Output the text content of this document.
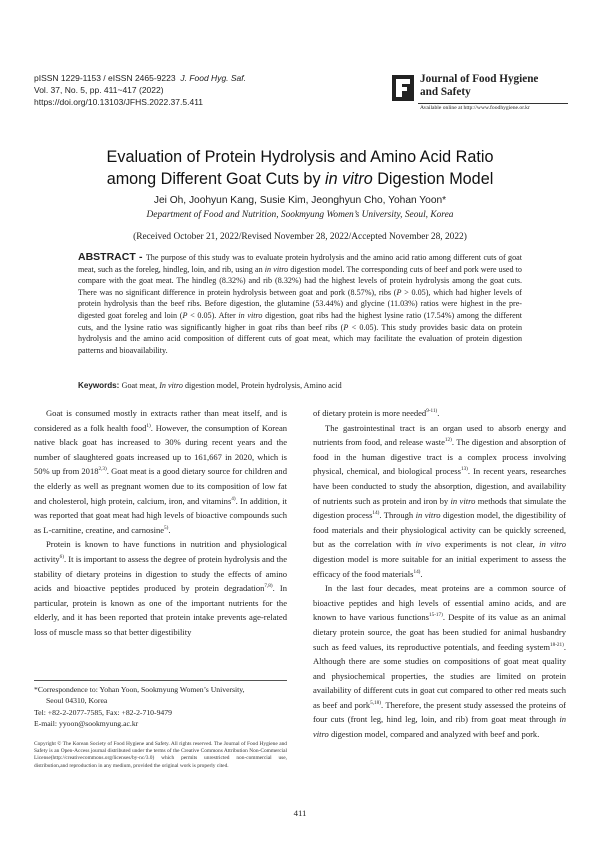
pISSN 1229-1153 / eISSN 2465-9223 J. Food Hyg. Saf.
Vol. 37, No. 5, pp. 411~417 (2022)
https://doi.org/10.13103/JFHS.2022.37.5.411
Journal of Food Hygiene
and Safety
Available online at http://www.foodhygiene.or.kr
Evaluation of Protein Hydrolysis and Amino Acid Ratio
among Different Goat Cuts by in vitro Digestion Model
Jei Oh, Joohyun Kang, Susie Kim, Jeonghyun Cho, Yohan Yoon*
Department of Food and Nutrition, Sookmyung Women’s University, Seoul, Korea
(Received October 21, 2022/Revised November 28, 2022/Accepted November 28, 2022)
ABSTRACT - The purpose of this study was to evaluate protein hydrolysis and the amino acid ratio among different cuts of goat meat, such as the foreleg, hindleg, loin, and rib, using an in vitro digestion model. The corresponding cuts of beef and pork were used to compare with the goat meat. The hindleg (8.32%) and rib (8.32%) had the highest levels of protein hydrolysis among the goat cuts. There was no significant difference in protein hydrolysis between goat and pork (8.57%), ribs (P > 0.05), which had higher levels of protein hydrolysis than the beef ribs. Before digestion, the glutamine (53.44%) and glycine (11.03%) ratios were highest in the pre-digested goat foreleg and loin (P < 0.05). After in vitro digestion, goat ribs had the highest lysine ratio (17.54%) among the different cuts, and the lysine ratio was significantly higher in goat ribs than beef ribs (P < 0.05). This study provides basic data on protein hydrolysis and the amino acid composition of different cuts of goat meat, which may facilitate the evaluation of protein digestion patterns and bioavailability.
Keywords: Goat meat, In vitro digestion model, Protein hydrolysis, Amino acid

Goat is consumed mostly in extracts rather than meat itself, and is considered as a folk health food$^{1)}$. However, the consumption of Korean native black goat has increased to 30% during recent years and the number of slaughtered goats increased up to 161,667 in 2020, which is 50% up from 2018$^{2,3)}$. Goat meat is a good dietary source for children and the elderly as well as pregnant women due to its composition of low fat and cholesterol, high protein, calcium, iron, and vitamins$^{4)}$. In addition, it was reported that goat meat had high levels of bioactive compounds such as L-carnitine, creatine, and carnosine$^{5)}$.

Protein is known to have functions in nutrition and physiological activity$^{6)}$. It is important to assess the degree of protein hydrolysis and the stability of dietary proteins in digestion to study the effects of amino acids and bioactive peptides produced by protein degradation$^{7,8)}$. In particular, protein is known as one of the important nutrients for the elderly, and it has been reported that protein intake prevents age-related loss of muscle mass so that better digestibility

of dietary protein is more needed$^{9-11)}$.

The gastrointestinal tract is an organ used to absorb energy and nutrients from food, and release waste$^{12)}$. The digestion and absorption of food in the human digestive tract is a complex process involving physical, chemical, and biological process$^{13)}$. In recent years, researches have been conducted to study the absorption, digestion, and availability of nutrients such as protein and iron by in vitro methods that simulate the digestion process$^{14)}$. Through in vitro digestion model, the digestibility of food materials and their physiological activity can be quickly screened, but as the correlation with in vivo experiments is not clear, in vitro digestion model is more suitable for an initial experiment to assess the efficacy of the food materials$^{14)}$.

In the last four decades, meat proteins are a common source of bioactive peptides and high levels of essential amino acids, and are known to have various functions$^{15-17)}$. Despite of its value as an animal dietary protein source, the goat has been studied for animal husbandry such as feed values, its reproductive potentials, and feeding system$^{18-21)}$. Although there are some studies on compositions of goat meat quality and physiochemical properties, the studies are limited on protein availability of different cuts in goat cut compared to other red meats such as beef and pork$^{5,18)}$. Therefore, the present study assessed the proteins of four cuts (front leg, hind leg, loin, and rib) from goat meat through in vitro digestion model, compared and analyzed with beef and pork.

*Correspondence to: Yohan Yoon, Sookmyung Women’s University,
Seoul 04310, Korea
Tel: +82-2-2077-7585, Fax: +82-2-710-9479
E-mail: yyoon@sookmyung.ac.kr
Copyright © The Korean Society of Food Hygiene and Safety. All rights reserved. The Journal of Food Hygiene and Safety is an Open-Access journal distributed under the terms of the Creative Commons Attribution Non-Commercial License(http://creativecommons.org/licenses/by-nc/3.0) which permits unrestricted non-commercial use, distribution,and reproduction in any medium, provided the original work is properly cited.
411
